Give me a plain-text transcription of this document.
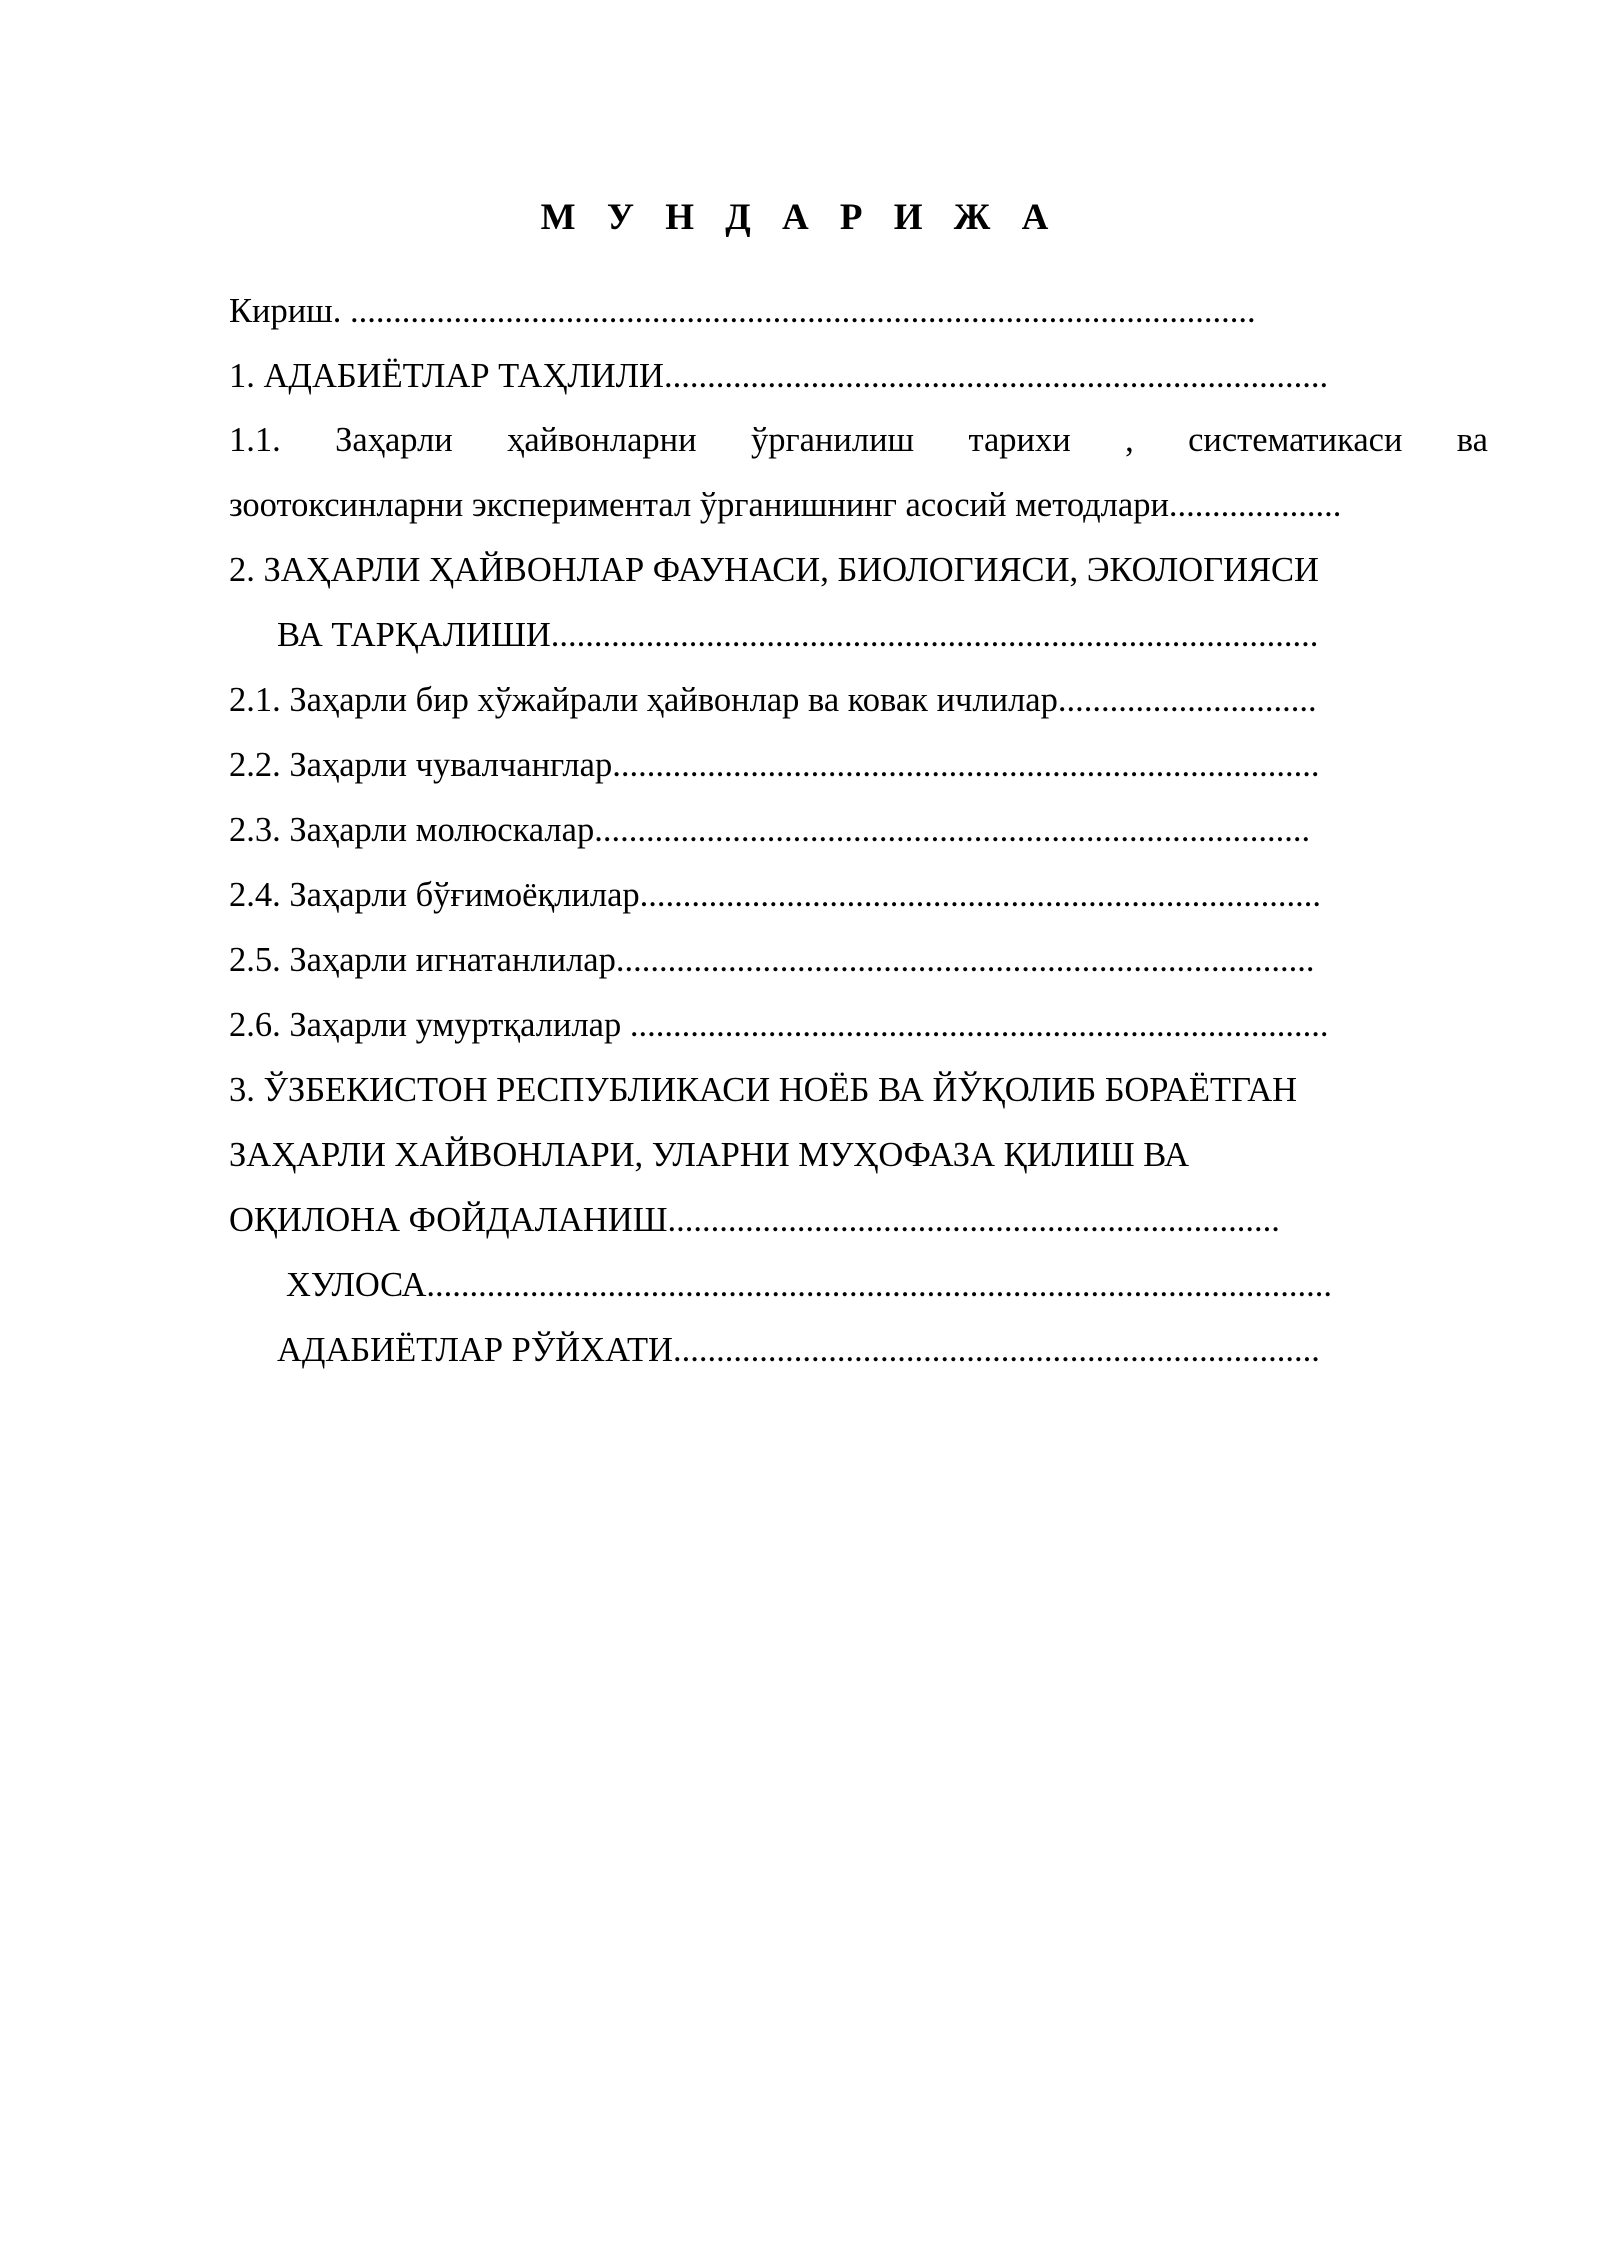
М У Н Д А Р И Ж А
Кириш. .........................................................................................................
1. АДАБИЁТЛАР ТАҲЛИЛИ.............................................................................
1.1. Заҳарли ҳайвонларни ўрганилиш тарихи , систематикаси ва
зоотоксинларни экспериментал ўрганишнинг асосий методлари....................
2. ЗАҲАРЛИ ҲАЙВОНЛАР ФАУНАСИ, БИОЛОГИЯСИ, ЭКОЛОГИЯСИ
ВА ТАРҚАЛИШИ.........................................................................................
2.1. Заҳарли бир хўжайрали ҳайвонлар ва ковак ичлилар..............................
2.2. Заҳарли чувалчанглар..................................................................................
2.3. Заҳарли молюскалар...................................................................................
2.4. Заҳарли бўғимоёқлилар...............................................................................
2.5. Заҳарли игнатанлилар.................................................................................
2.6. Заҳарли умуртқалилар .................................................................................
3. ЎЗБЕКИСТОН РЕСПУБЛИКАСИ НОЁБ ВА ЙЎҚОЛИБ БОРАЁТГАН
ЗАҲАРЛИ ХАЙВОНЛАРИ, УЛАРНИ МУҲОФАЗА ҚИЛИШ ВА
ОҚИЛОНА ФОЙДАЛАНИШ.......................................................................
ХУЛОСА.........................................................................................................
АДАБИЁТЛАР РЎЙХАТИ...........................................................................
